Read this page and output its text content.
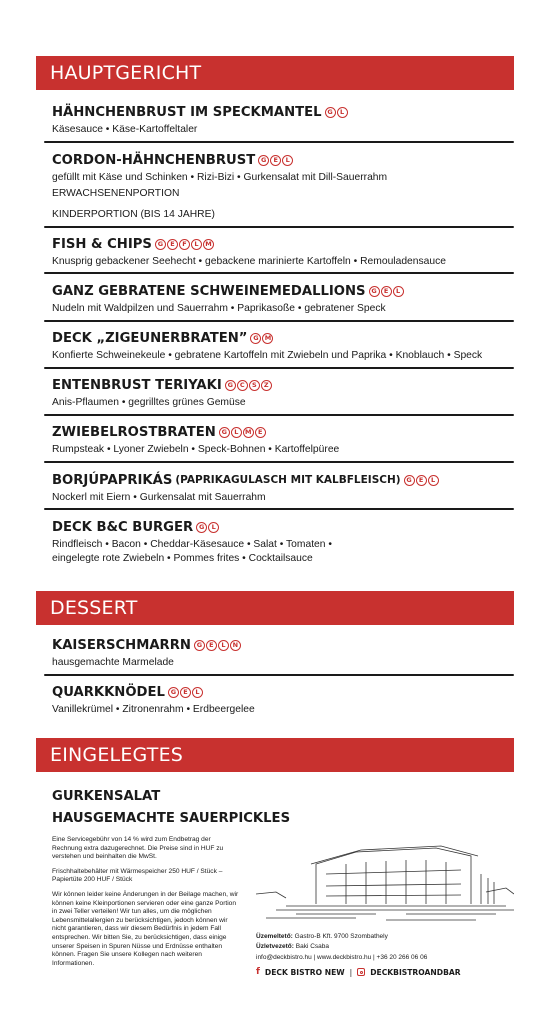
HAUPTGERICHT
HÄHNCHENBRUST IM SPECKMANTEL G	L
Käsesauce • Käse-Kartoffeltaler
CORDON-HÄHNCHENBRUST G	E	L
gefüllt mit Käse und Schinken • Rizi-Bizi • Gurkensalat mit Dill-Sauerrahm
ERWACHSENENPORTION
KINDERPORTION (BIS 14 JAHRE)
FISH & CHIPS G	E	F	L	M
Knusprig gebackener Seehecht • gebackene marinierte Kartoffeln • Remouladensauce
GANZ GEBRATENE SCHWEINEMEDALLIONS G	E	L
Nudeln mit Waldpilzen und Sauerrahm • Paprikasoße • gebratener Speck
DECK „ZIGEUNERBRATEN” G M
Konfierte Schweinekeule • gebratene Kartoffeln mit Zwiebeln und Paprika • Knoblauch • Speck
ENTENBRUST TERIYAKI G	C	S	Z
Anis-Pflaumen • gegrilltes grünes Gemüse
ZWIEBELROSTBRATEN G	L	M	E
Rumpsteak • Lyoner Zwiebeln • Speck-Bohnen • Kartoffelpüree
BORJÚPAPRIKÁS (PAPRIKAGULASCH MIT KALBFLEISCH) G	E	L
Nockerl mit Eiern • Gurkensalat mit Sauerrahm
DECK B&C BURGER G	L
Rindfleisch • Bacon • Cheddar-Käsesauce • Salat • Tomaten •
eingelegte rote Zwiebeln • Pommes frites • Cocktailsauce
DESSERT
KAISERSCHMARRN G	E	L	N
hausgemachte Marmelade
QUARKKNÖDEL G	E	L
Vanillekrümel • Zitronenrahm • Erdbeergelee
EINGELEGTES
GURKENSALAT
HAUSGEMACHTE SAUERPICKLES

Eine Servicegebühr von 14 % wird zum Endbetrag der Rechnung extra dazugerechnet. Die Preise sind in HUF zu verstehen und beinhalten die MwSt.

Frischhaltebehälter mit Wärmespeicher 250 HUF / Stück – Papiertüte 200 HUF / Stück

Wir können leider keine Änderungen in der Beilage machen, wir können keine Kleinportionen servieren oder eine ganze Portion in zwei Teller verteilen! Wir tun alles, um die möglichen Lebensmittelallergien zu berücksichtigen, jedoch können wir nicht garantieren, dass wir diesem Bedürfnis in jedem Fall entsprechen. Wir bitten Sie, zu berücksichtigen, dass einige unserer Speisen in Spuren Nüsse und Erdnüsse enthalten können. Fragen Sie unsere Kollegen nach weiteren Informationen.

Üzemeltető: Gastro-B Kft. 9700 Szombathely
Üzletvezető: Baki Csaba
info@deckbistro.hu | www.deckbistro.hu | +36 20 266 06 06
f DECK BISTRO NEW | DECKBISTROANDBAR
